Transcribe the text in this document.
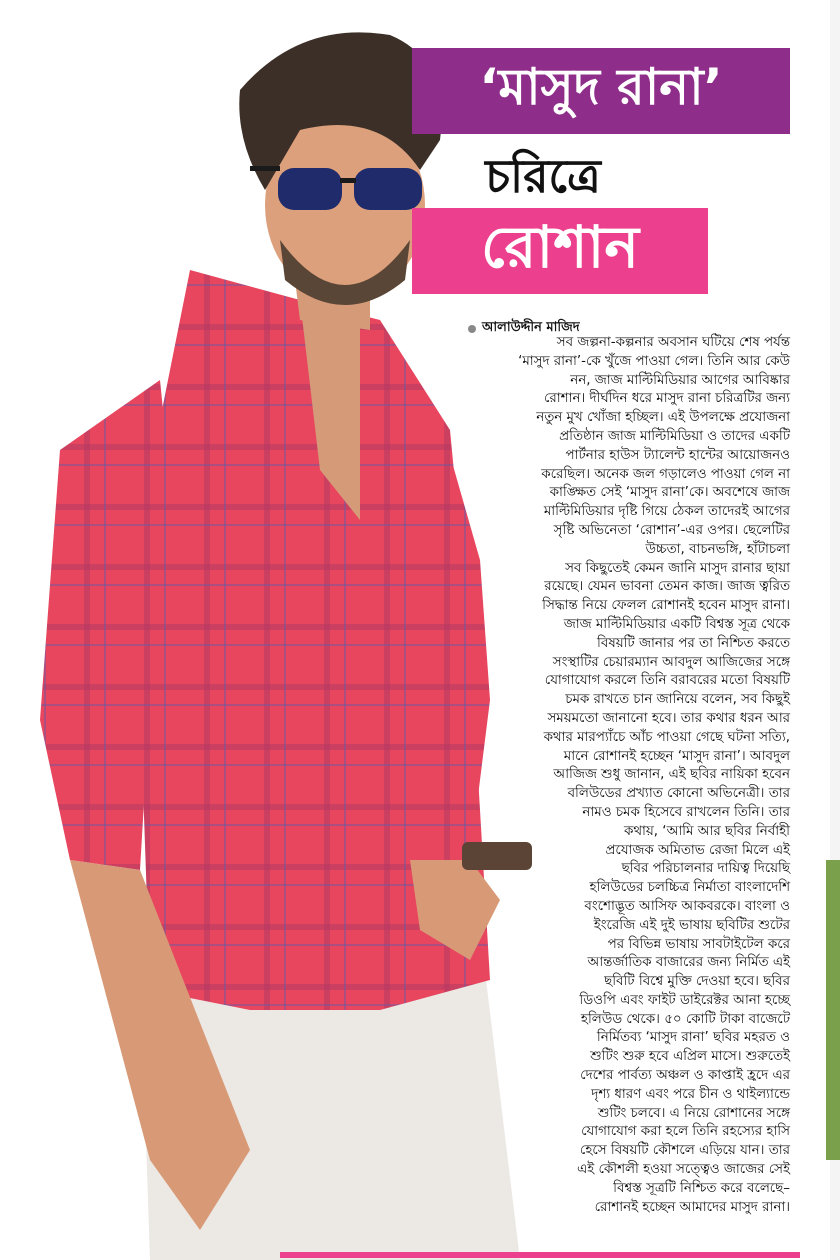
‘মাসুদ রানা’
চরিত্রে
রোশান
আলাউদ্দীন মাজিদ
সব জল্পনা-কল্পনার অবসান ঘটিয়ে শেষ পর্যন্ত
‘মাসুদ রানা’-কে খুঁজে পাওয়া গেল। তিনি আর কেউ
নন, জাজ মাল্টিমিডিয়ার আগের আবিষ্কার
রোশান। দীর্ঘদিন ধরে মাসুদ রানা চরিত্রটির জন্য
নতুন মুখ খোঁজা হচ্ছিল। এই উপলক্ষে প্রযোজনা
প্রতিষ্ঠান জাজ মাল্টিমিডিয়া ও তাদের একটি
পার্টনার হাউস ট্যালেন্ট হান্টের আয়োজনও
করেছিল। অনেক জল গড়ালেও পাওয়া গেল না
কাঙ্ক্ষিত সেই ‘মাসুদ রানা’কে। অবশেষে জাজ
মাল্টিমিডিয়ার দৃষ্টি গিয়ে ঠেকল তাদেরই আগের
সৃষ্টি অভিনেতা ‘রোশান’-এর ওপর। ছেলেটির
উচ্চতা, বাচনভঙ্গি, হাঁটাচলা
সব কিছুতেই কেমন জানি মাসুদ রানার ছায়া
রয়েছে। যেমন ভাবনা তেমন কাজ। জাজ ত্বরিত
সিদ্ধান্ত নিয়ে ফেলল রোশানই হবেন মাসুদ রানা।
জাজ মাল্টিমিডিয়ার একটি বিশ্বস্ত সূত্র থেকে
বিষয়টি জানার পর তা নিশ্চিত করতে
সংস্থাটির চেয়ারম্যান আবদুল আজিজের সঙ্গে
যোগাযোগ করলে তিনি বরাবরের মতো বিষয়টি
চমক রাখতে চান জানিয়ে বলেন, সব কিছুই
সময়মতো জানানো হবে। তার কথার ধরন আর
কথার মারপ্যাঁচে আঁচ পাওয়া গেছে ঘটনা সত্যি,
মানে রোশানই হচ্ছেন ‘মাসুদ রানা’। আবদুল
আজিজ শুধু জানান, এই ছবির নায়িকা হবেন
বলিউডের প্রখ্যাত কোনো অভিনেত্রী। তার
নামও চমক হিসেবে রাখলেন তিনি। তার
কথায়, ‘আমি আর ছবির নির্বাহী
প্রযোজক অমিতাভ রেজা মিলে এই
ছবির পরিচালনার দায়িত্ব দিয়েছি
হলিউডের চলচ্চিত্র নির্মাতা বাংলাদেশি
বংশোদ্ভূত আসিফ আকবরকে। বাংলা ও
ইংরেজি এই দুই ভাষায় ছবিটির শুটের
পর বিভিন্ন ভাষায় সাবটাইটেল করে
আন্তর্জাতিক বাজারের জন্য নির্মিত এই
ছবিটি বিশ্বে মুক্তি দেওয়া হবে। ছবির
ডিওপি এবং ফাইট ডাইরেক্টর আনা হচ্ছে
হলিউড থেকে। ৫০ কোটি টাকা বাজেটে
নির্মিতব্য ‘মাসুদ রানা’ ছবির মহরত ও
শুটিং শুরু হবে এপ্রিল মাসে। শুরুতেই
দেশের পার্বত্য অঞ্চল ও কাপ্তাই হ্রদে এর
দৃশ্য ধারণ এবং পরে চীন ও থাইল্যান্ডে
শুটিং চলবে। এ নিয়ে রোশানের সঙ্গে
যোগাযোগ করা হলে তিনি রহস্যের হাসি
হেসে বিষয়টি কৌশলে এড়িয়ে যান। তার
এই কৌশলী হওয়া সত্ত্বেও জাজের সেই
বিশ্বস্ত সূত্রটি নিশ্চিত করে বলেছে–
রোশানই হচ্ছেন আমাদের মাসুদ রানা।
